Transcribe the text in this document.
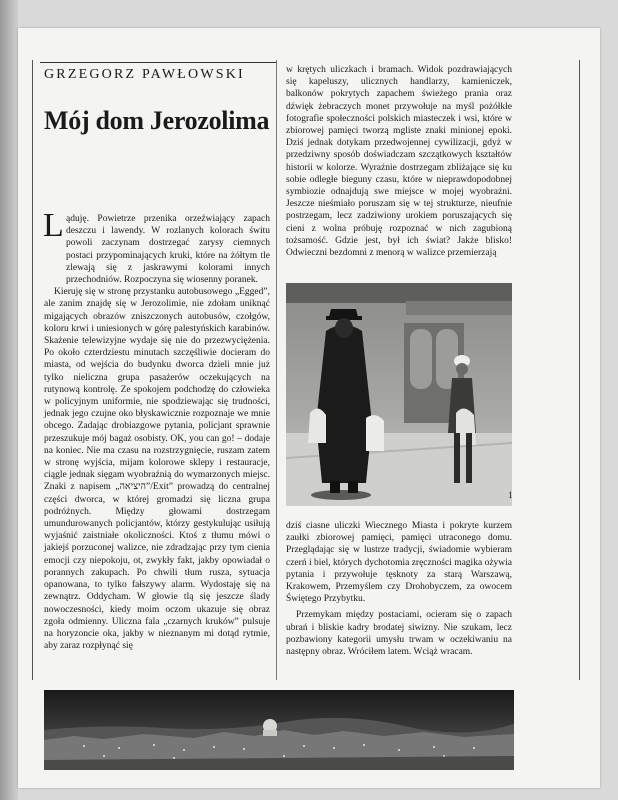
GRZEGORZ PAWŁOWSKI
Mój dom Jerozolima
L ąduję. Powietrze przenika orzeźwiający zapach deszczu i lawendy. W rozlanych kolorach świtu powoli zaczynam dostrzegać zarysy ciemnych postaci przypominających kruki, które na żółtym tle zlewają się z jaskrawymi kolorami innych przechodniów. Rozpoczyna się wiosenny poranek.

Kieruję się w stronę przystanku autobusowego „Egged”, ale zanim znajdę się w Jerozolimie, nie zdołam uniknąć migających obrazów zniszczonych autobusów, czołgów, koloru krwi i uniesionych w górę palestyńskich karabinów. Skażenie telewizyjne wydaje się nie do przezwyciężenia. Po około czterdziestu minutach szczęśliwie docieram do miasta, od wejścia do budynku dworca dzieli mnie już tylko nieliczna grupa pasażerów oczekujących na rutynową kontrolę. Ze spokojem podchodzę do człowieka w policyjnym uniformie, nie spodziewając się trudności, jednak jego czujne oko błyskawicznie rozpoznaje we mnie obcego. Zadając drobiazgowe pytania, policjant sprawnie przeszukuje mój bagaż osobisty. OK, you can go! – dodaje na koniec. Nie ma czasu na rozstrzygnięcie, ruszam zatem w stronę wyjścia, mijam kolorowe sklepy i restauracje, ciągle jednak sięgam wyobraźnią do wymarzonych miejsc. Znaki z napisem „היציאה”/Exit” prowadzą do centralnej części dworca, w której gromadzi się liczna grupa podróżnych. Między głowami dostrzegam umundurowanych policjantów, którzy gestykulując usiłują wyjaśnić zaistniałe okoliczności. Ktoś z tłumu mówi o jakiejś porzuconej walizce, nie zdradzając przy tym cienia emocji czy niepokoju, ot, zwykły fakt, jakby opowiadał o porannych zakupach. Po chwili tłum rusza, sytuacja opanowana, to tylko fałszywy alarm. Wydostaję się na zewnątrz. Oddycham. W głowie tlą się jeszcze ślady nowoczesności, kiedy moim oczom ukazuje się obraz zgoła odmienny. Uliczna fala „czarnych kruków” pulsuje na horyzoncie oka, jakby w nieznanym mi dotąd rytmie, aby zaraz rozpłynąć się

w krętych uliczkach i bramach. Widok pozdrawiających się kapeluszy, ulicznych handlarzy, kamieniczek, balkonów pokrytych zapachem świeżego prania oraz dźwięk żebraczych monet przywołuje na myśl pożółkłe fotografie społeczności polskich miasteczek i wsi, które w zbiorowej pamięci tworzą mgliste znaki minionej epoki. Dziś jednak dotykam przedwojennej cywilizacji, gdyż w przedziwny sposób doświadczam szczątkowych kształtów historii w kolorze. Wyraźnie dostrzegam zbliżające się ku sobie odległe bieguny czasu, które w nieprawdopodobnej symbiozie odnajdują swe miejsce w mojej wyobraźni. Jeszcze nieśmiało poruszam się w tej strukturze, nieufnie postrzegam, lecz zadziwiony urokiem poruszających się cieni z wolna próbuję rozpoznać w nich zagubioną tożsamość. Gdzie jest, był ich świat? Jakże blisko! Odwieczni bezdomni z menorą w walizce przemierzają

1

dziś ciasne uliczki Wiecznego Miasta i pokryte kurzem zaułki zbiorowej pamięci, pamięci utraconego domu. Przeglądając się w lustrze tradycji, świadomie wybieram czerń i biel, których dychotomia zręczności magika ożywia pytania i przywołuje tęsknoty za starą Warszawą, Krakowem, Przemyślem czy Drohobyczem, za owocem Świętego Przybytku.

Przemykam między postaciami, ocieram się o zapach ubrań i bliskie kadry brodatej siwizny. Nie szukam, lecz pozbawiony kategorii umysłu trwam w oczekiwaniu na następny obraz. Wróciłem latem. Wciąż wracam.
